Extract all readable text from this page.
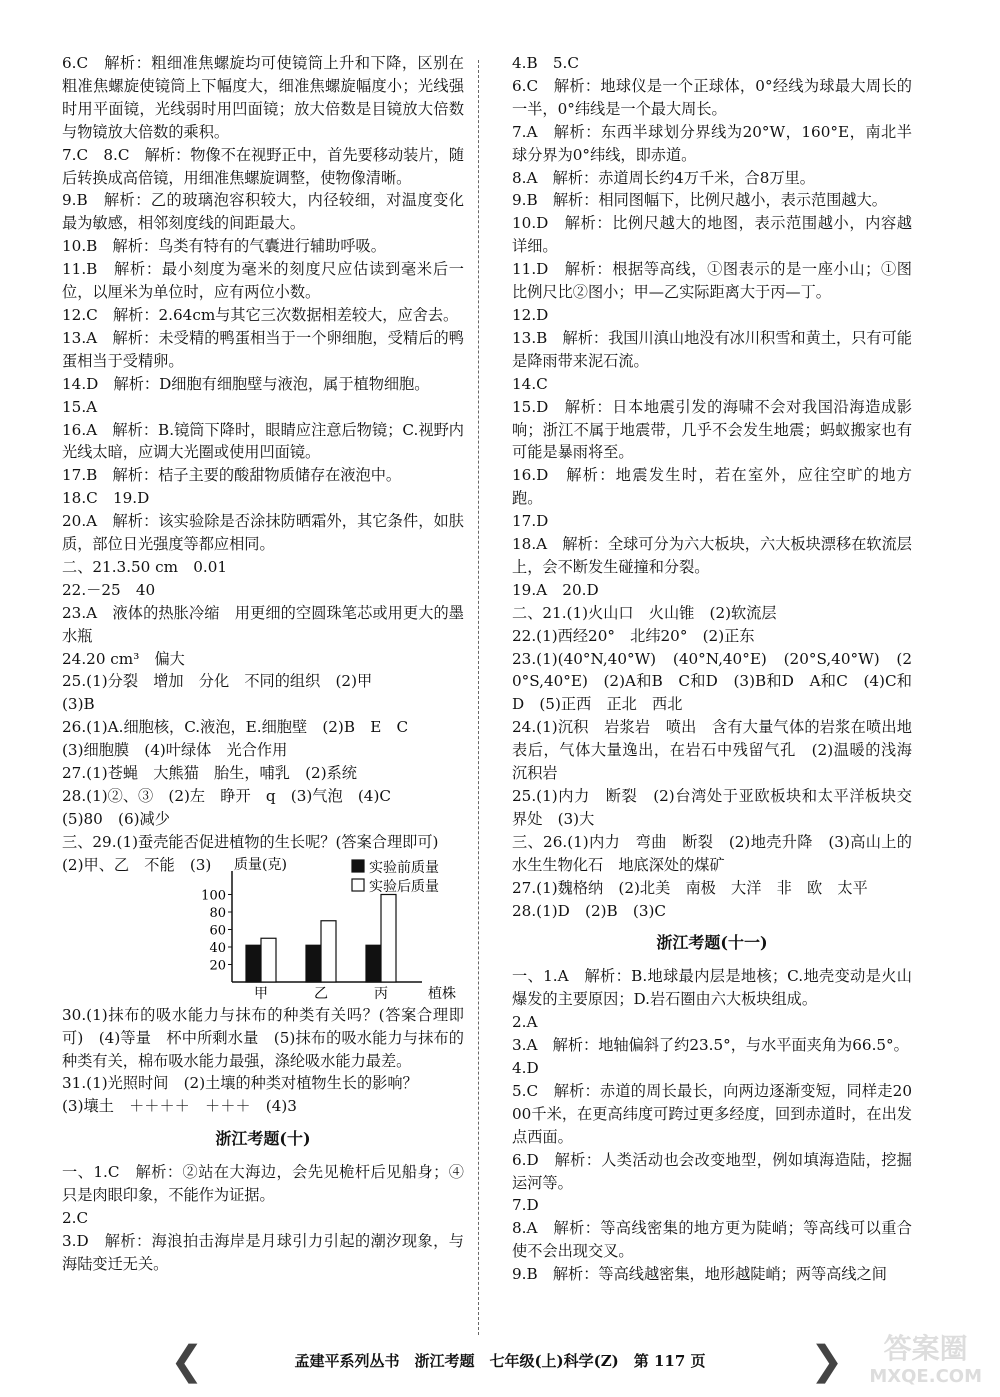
6.C　解析：粗细准焦螺旋均可使镜筒上升和下降，区别在粗准焦螺旋使镜筒上下幅度大，细准焦螺旋幅度小；光线强时用平面镜，光线弱时用凹面镜；放大倍数是目镜放大倍数与物镜放大倍数的乘积。
7.C　8.C　解析：物像不在视野正中，首先要移动装片，随后转换成高倍镜，用细准焦螺旋调整，使物像清晰。
9.B　解析：乙的玻璃泡容积较大，内径较细，对温度变化最为敏感，相邻刻度线的间距最大。
10.B　解析：鸟类有特有的气囊进行辅助呼吸。
11.B　解析：最小刻度为毫米的刻度尺应估读到毫米后一位，以厘米为单位时，应有两位小数。
12.C　解析：2.64cm与其它三次数据相差较大，应舍去。
13.A　解析：未受精的鸭蛋相当于一个卵细胞，受精后的鸭蛋相当于受精卵。
14.D　解析：D细胞有细胞壁与液泡，属于植物细胞。
15.A
16.A　解析：B.镜筒下降时，眼睛应注意后物镜；C.视野内光线太暗，应调大光圈或使用凹面镜。
17.B　解析：桔子主要的酸甜物质储存在液泡中。
18.C　19.D
20.A　解析：该实验除是否涂抹防晒霜外，其它条件，如肤质，部位日光强度等都应相同。
二、21.3.50 cm　0.01
22.－25　40
23.A　液体的热胀冷缩　用更细的空圆珠笔芯或用更大的墨水瓶
24.20 cm³　偏大
25.(1)分裂　增加　分化　不同的组织　(2)甲
(3)B
26.(1)A.细胞核，C.液泡，E.细胞壁　(2)B　E　C
(3)细胞膜　(4)叶绿体　光合作用
27.(1)苍蝇　大熊猫　胎生，哺乳　(2)系统
28.(1)②、③　(2)左　睁开　q　(3)气泡　(4)C
(5)80　(6)减少
三、29.(1)蚕壳能否促进植物的生长呢？(答案合理即可)
(2)甲、乙　不能　(3)	质量(克)
植株
20
40
60
80
100
甲	乙	丙
实验前质量
实验后质量
30.(1)抹布的吸水能力与抹布的种类有关吗？(答案合理即可)　(4)等量　杯中所剩水量　(5)抹布的吸水能力与抹布的种类有关，棉布吸水能力最强，涤纶吸水能力最差。
31.(1)光照时间　(2)土壤的种类对植物生长的影响？
(3)壤土　＋＋＋＋　＋＋＋　(4)3
浙江考题(十)
一、1.C　解析：②站在大海边，会先见桅杆后见船身；④只是肉眼印象，不能作为证据。
2.C
3.D　解析：海浪拍击海岸是月球引力引起的潮汐现象，与海陆变迁无关。
4.B　5.C
6.C　解析：地球仪是一个正球体，0°经线为球最大周长的一半，0°纬线是一个最大周长。
7.A　解析：东西半球划分界线为20°W，160°E，南北半球分界为0°纬线，即赤道。
8.A　解析：赤道周长约4万千米，合8万里。
9.B　解析：相同图幅下，比例尺越小，表示范围越大。
10.D　解析：比例尺越大的地图，表示范围越小，内容越详细。
11.D　解析：根据等高线，①图表示的是一座小山；①图比例尺比②图小；甲—乙实际距离大于丙—丁。
12.D
13.B　解析：我国川滇山地没有冰川积雪和黄土，只有可能是降雨带来泥石流。
14.C
15.D　解析：日本地震引发的海啸不会对我国沿海造成影响；浙江不属于地震带，几乎不会发生地震；蚂蚁搬家也有可能是暴雨将至。
16.D　解析：地震发生时，若在室外，应往空旷的地方跑。
17.D
18.A　解析：全球可分为六大板块，六大板块漂移在软流层上，会不断发生碰撞和分裂。
19.A　20.D
二、21.(1)火山口　火山锥　(2)软流层
22.(1)西经20°　北纬20°　(2)正东
23.(1)(40°N,40°W)　(40°N,40°E)　(20°S,40°W)　(20°S,40°E)　(2)A和B　C和D　(3)B和D　A和C　(4)C和D　(5)正西　正北　西北
24.(1)沉积　岩浆岩　喷出　含有大量气体的岩浆在喷出地表后，气体大量逸出，在岩石中残留气孔　(2)温暖的浅海　沉积岩
25.(1)内力　断裂　(2)台湾处于亚欧板块和太平洋板块交界处　(3)大
三、26.(1)内力　弯曲　断裂　(2)地壳升降　(3)高山上的水生生物化石　地底深处的煤矿
27.(1)魏格纳　(2)北美　南极　大洋　非　欧　太平
28.(1)D　(2)B　(3)C
浙江考题(十一)
一、1.A　解析：B.地球最内层是地核；C.地壳变动是火山爆发的主要原因；D.岩石圈由六大板块组成。
2.A
3.A　解析：地轴偏斜了约23.5°，与水平面夹角为66.5°。
4.D
5.C　解析：赤道的周长最长，向两边逐渐变短，同样走2000千米，在更高纬度可跨过更多经度，回到赤道时，在出发点西面。
6.D　解析：人类活动也会改变地型，例如填海造陆，挖掘运河等。
7.D
8.A　解析：等高线密集的地方更为陡峭；等高线可以重合使不会出现交叉。
9.B　解析：等高线越密集，地形越陡峭；两等高线之间
❮	孟建平系列丛书　浙江考题　七年级(上)科学(Z)　第 117 页	❯	答案圈
MXQE.COM
